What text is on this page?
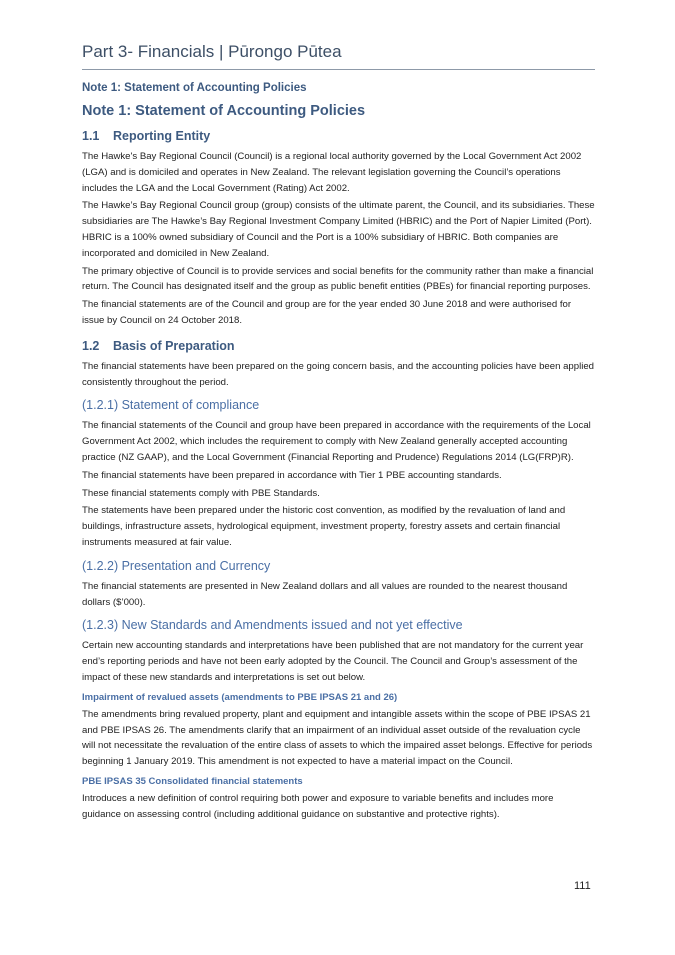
Part 3- Financials | Pūrongo Pūtea
Note 1: Statement of Accounting Policies
Note 1: Statement of Accounting Policies
1.1 Reporting Entity

The Hawke's Bay Regional Council (Council) is a regional local authority governed by the Local Government Act 2002 (LGA) and is domiciled and operates in New Zealand. The relevant legislation governing the Council’s operations includes the LGA and the Local Government (Rating) Act 2002.

The Hawke’s Bay Regional Council group (group) consists of the ultimate parent, the Council, and its subsidiaries. These subsidiaries are The Hawke’s Bay Regional Investment Company Limited (HBRIC) and the Port of Napier Limited (Port). HBRIC is a 100% owned subsidiary of Council and the Port is a 100% subsidiary of HBRIC. Both companies are incorporated and domiciled in New Zealand.

The primary objective of Council is to provide services and social benefits for the community rather than make a financial return. The Council has designated itself and the group as public benefit entities (PBEs) for financial reporting purposes.

The financial statements are of the Council and group are for the year ended 30 June 2018 and were authorised for issue by Council on 24 October 2018.

1.2 Basis of Preparation

The financial statements have been prepared on the going concern basis, and the accounting policies have been applied consistently throughout the period.

(1.2.1) Statement of compliance

The financial statements of the Council and group have been prepared in accordance with the requirements of the Local Government Act 2002, which includes the requirement to comply with New Zealand generally accepted accounting practice (NZ GAAP), and the Local Government (Financial Reporting and Prudence) Regulations 2014 (LG(FRP)R).

The financial statements have been prepared in accordance with Tier 1 PBE accounting standards.

These financial statements comply with PBE Standards.

The statements have been prepared under the historic cost convention, as modified by the revaluation of land and buildings, infrastructure assets, hydrological equipment, investment property, forestry assets and certain financial instruments measured at fair value.

(1.2.2) Presentation and Currency

The financial statements are presented in New Zealand dollars and all values are rounded to the nearest thousand dollars ($’000).

(1.2.3) New Standards and Amendments issued and not yet effective

Certain new accounting standards and interpretations have been published that are not mandatory for the current year end’s reporting periods and have not been early adopted by the Council. The Council and Group’s assessment of the impact of these new standards and interpretations is set out below.

Impairment of revalued assets (amendments to PBE IPSAS 21 and 26)

The amendments bring revalued property, plant and equipment and intangible assets within the scope of PBE IPSAS 21 and PBE IPSAS 26. The amendments clarify that an impairment of an individual asset outside of the revaluation cycle will not necessitate the revaluation of the entire class of assets to which the impaired asset belongs. Effective for periods beginning 1 January 2019. This amendment is not expected to have a material impact on the Council.

PBE IPSAS 35 Consolidated financial statements

Introduces a new definition of control requiring both power and exposure to variable benefits and includes more guidance on assessing control (including additional guidance on substantive and protective rights).

111
